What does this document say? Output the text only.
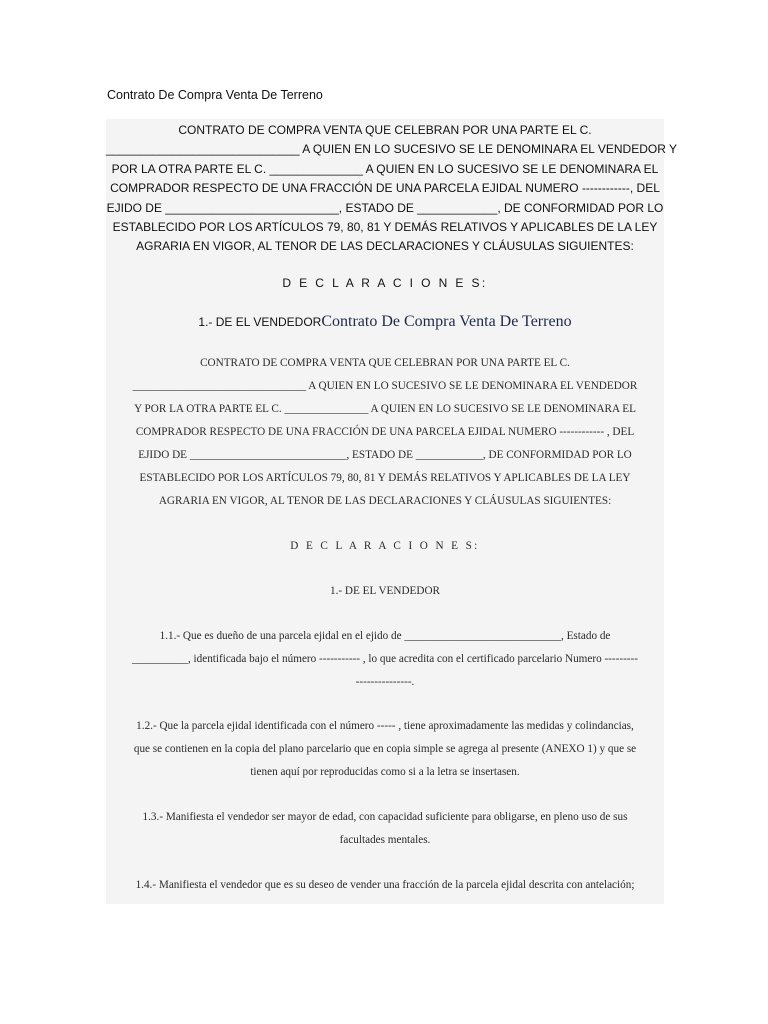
Contrato De Compra Venta De Terreno
CONTRATO DE COMPRA VENTA QUE CELEBRAN POR UNA PARTE EL C.
_____________________________ A QUIEN EN LO SUCESIVO SE LE DENOMINARA EL VENDEDOR Y
POR LA OTRA PARTE EL C. ______________ A QUIEN EN LO SUCESIVO SE LE DENOMINARA EL
COMPRADOR RESPECTO DE UNA FRACCIÓN DE UNA PARCELA EJIDAL NUMERO ------------, DEL
EJIDO DE __________________________, ESTADO DE ____________, DE CONFORMIDAD POR LO
ESTABLECIDO POR LOS ARTÍCULOS 79, 80, 81 Y DEMÁS RELATIVOS Y APLICABLES DE LA LEY
AGRARIA EN VIGOR, AL TENOR DE LAS DECLARACIONES Y CLÁUSULAS SIGUIENTES:
D E C L A R A C I O N E S:
1.- DE EL VENDEDORContrato De Compra Venta De Terreno
CONTRATO DE COMPRA VENTA QUE CELEBRAN POR UNA PARTE EL C.
_______________________________ A QUIEN EN LO SUCESIVO SE LE DENOMINARA EL VENDEDOR
Y POR LA OTRA PARTE EL C. _______________ A QUIEN EN LO SUCESIVO SE LE DENOMINARA EL
COMPRADOR RESPECTO DE UNA FRACCIÓN DE UNA PARCELA EJIDAL NUMERO ------------ , DEL
EJIDO DE ____________________________, ESTADO DE ____________, DE CONFORMIDAD POR LO
ESTABLECIDO POR LOS ARTÍCULOS 79, 80, 81 Y DEMÁS RELATIVOS Y APLICABLES DE LA LEY
AGRARIA EN VIGOR, AL TENOR DE LAS DECLARACIONES Y CLÁUSULAS SIGUIENTES:
D E C L A R A C I O N E S:
1.- DE EL VENDEDOR
1.1.- Que es dueño de una parcela ejidal en el ejido de ____________________________, Estado de
__________, identificada bajo el número ----------- , lo que acredita con el certificado parcelario Numero ---------
---------------.
1.2.- Que la parcela ejidal identificada con el número ----- , tiene aproximadamente las medidas y colindancias,
que se contienen en la copia del plano parcelario que en copia simple se agrega al presente (ANEXO 1) y que se
tienen aquí por reproducidas como si a la letra se insertasen.
1.3.- Manifiesta el vendedor ser mayor de edad, con capacidad suficiente para obligarse, en pleno uso de sus
facultades mentales.
1.4.- Manifiesta el vendedor que es su deseo de vender una fracción de la parcela ejidal descrita con antelación;
